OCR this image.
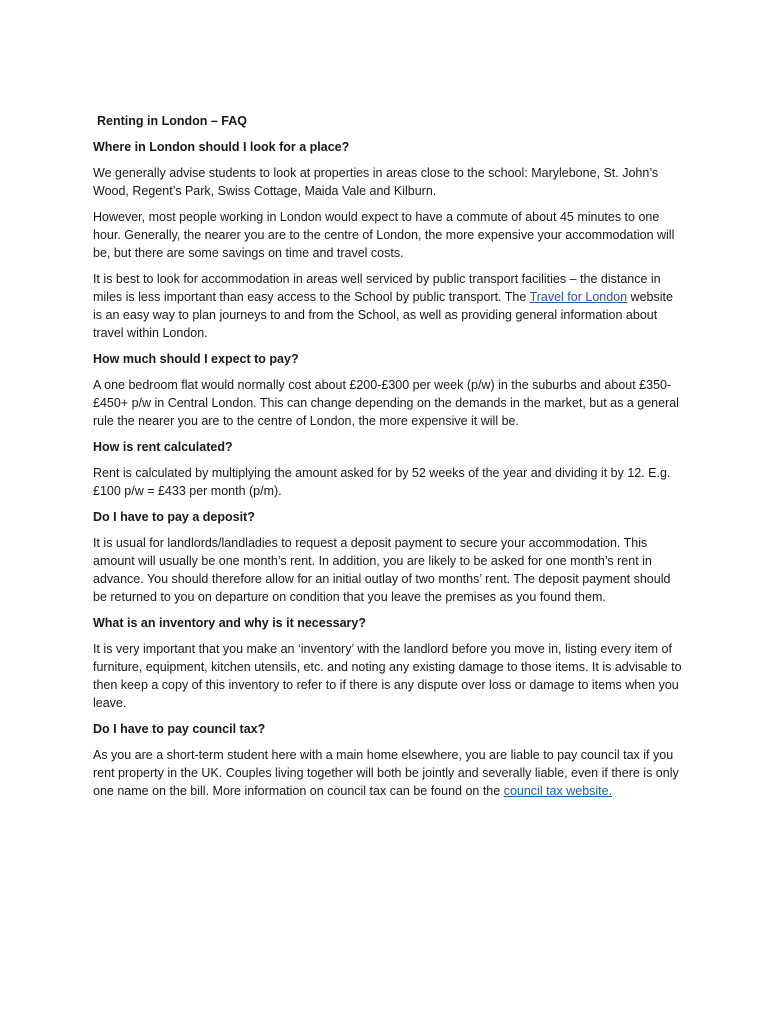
Renting in London – FAQ
Where in London should I look for a place?

We generally advise students to look at properties in areas close to the school: Marylebone, St. John’s Wood, Regent’s Park, Swiss Cottage, Maida Vale and Kilburn.

However, most people working in London would expect to have a commute of about 45 minutes to one hour. Generally, the nearer you are to the centre of London, the more expensive your accommodation will be, but there are some savings on time and travel costs.

It is best to look for accommodation in areas well serviced by public transport facilities – the distance in miles is less important than easy access to the School by public transport. The Travel for London website is an easy way to plan journeys to and from the School, as well as providing general information about travel within London.

How much should I expect to pay?

A one bedroom flat would normally cost about £200-£300 per week (p/w) in the suburbs and about £350-£450+ p/w in Central London. This can change depending on the demands in the market, but as a general rule the nearer you are to the centre of London, the more expensive it will be.

How is rent calculated?

Rent is calculated by multiplying the amount asked for by 52 weeks of the year and dividing it by 12. E.g. £100 p/w = £433 per month (p/m).

Do I have to pay a deposit?

It is usual for landlords/landladies to request a deposit payment to secure your accommodation. This amount will usually be one month’s rent. In addition, you are likely to be asked for one month’s rent in advance. You should therefore allow for an initial outlay of two months’ rent. The deposit payment should be returned to you on departure on condition that you leave the premises as you found them.

What is an inventory and why is it necessary?

It is very important that you make an ‘inventory’ with the landlord before you move in, listing every item of furniture, equipment, kitchen utensils, etc. and noting any existing damage to those items. It is advisable to then keep a copy of this inventory to refer to if there is any dispute over loss or damage to items when you leave.

Do I have to pay council tax?

As you are a short-term student here with a main home elsewhere, you are liable to pay council tax if you rent property in the UK. Couples living together will both be jointly and severally liable, even if there is only one name on the bill. More information on council tax can be found on the council tax website.
